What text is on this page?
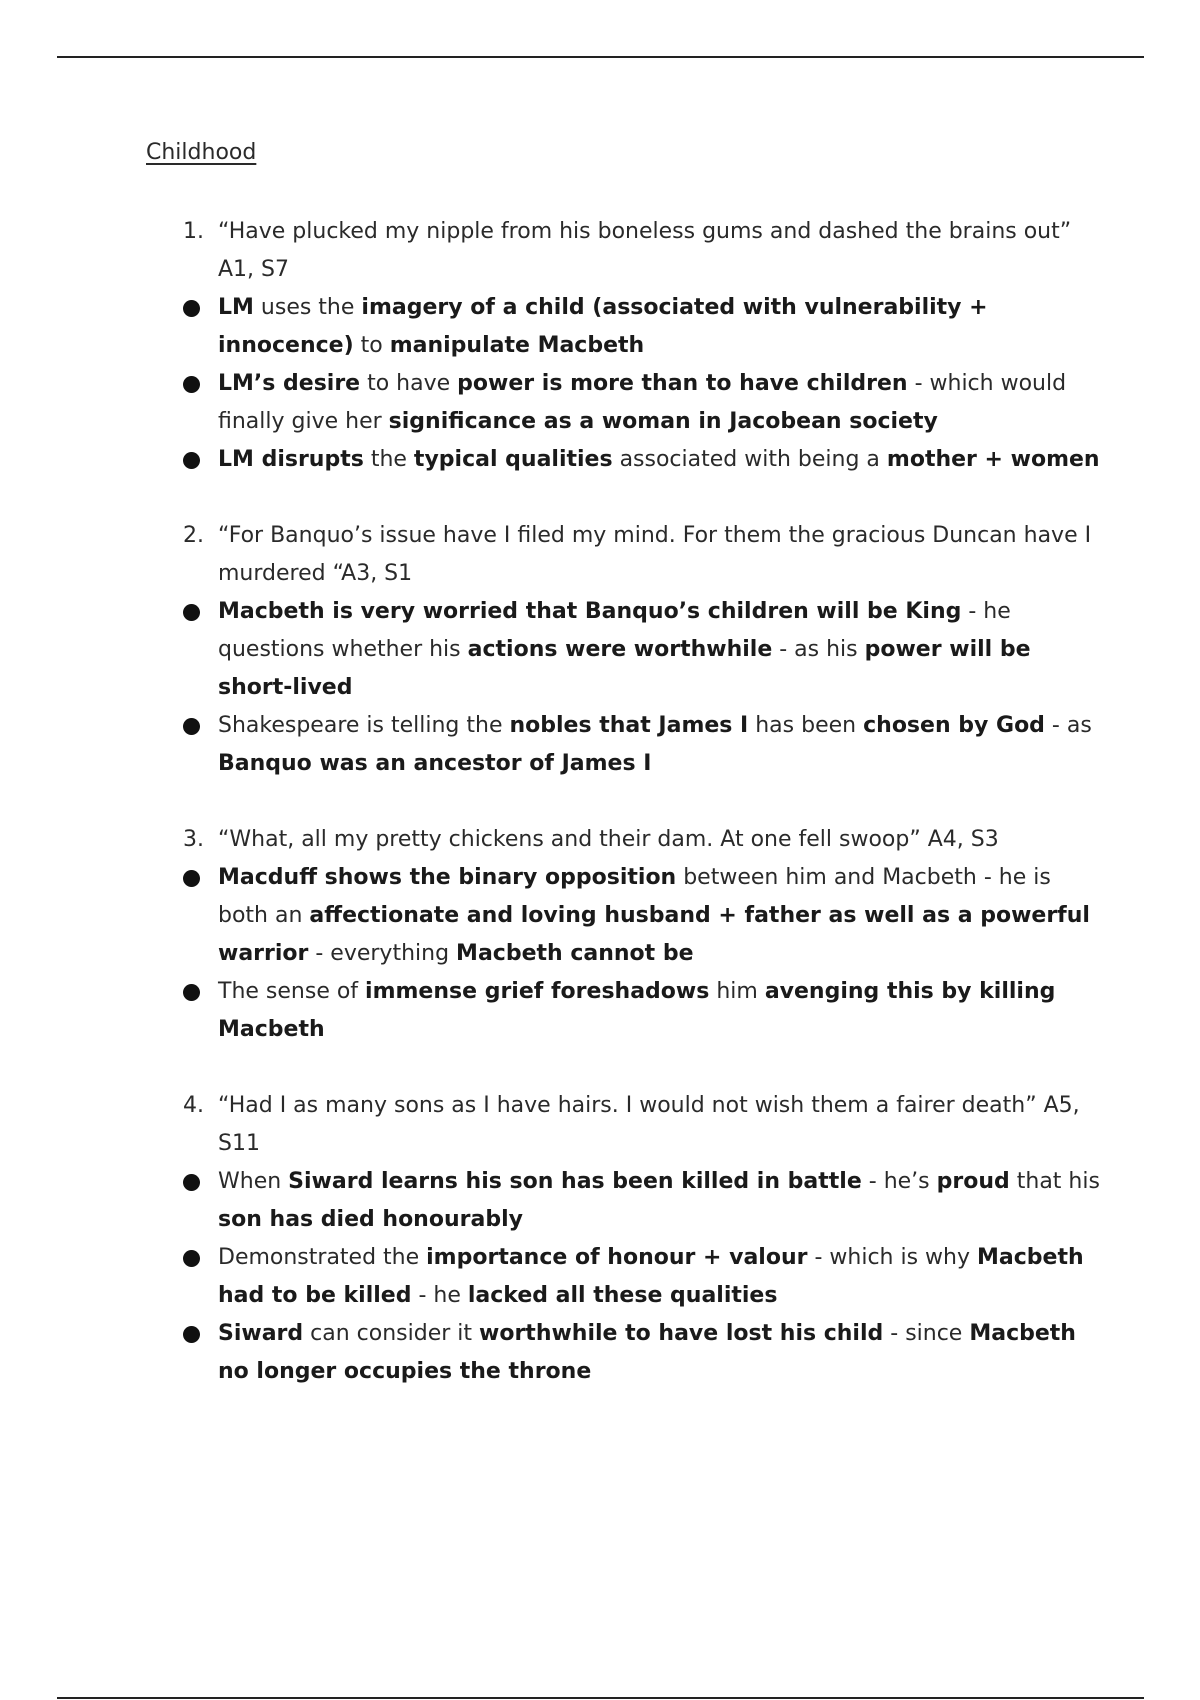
Childhood
1. “Have plucked my nipple from his boneless gums and dashed the brains out” A1, S7
LM uses the imagery of a child (associated with vulnerability + innocence) to manipulate Macbeth
LM’s desire to have power is more than to have children - which would finally give her significance as a woman in Jacobean society
LM disrupts the typical qualities associated with being a mother + women
2. “For Banquo’s issue have I filed my mind. For them the gracious Duncan have I murdered “A3, S1
Macbeth is very worried that Banquo’s children will be King - he questions whether his actions were worthwhile - as his power will be short-lived
Shakespeare is telling the nobles that James I has been chosen by God - as Banquo was an ancestor of James I
3. “What, all my pretty chickens and their dam. At one fell swoop” A4, S3
Macduff shows the binary opposition between him and Macbeth - he is both an affectionate and loving husband + father as well as a powerful warrior - everything Macbeth cannot be
The sense of immense grief foreshadows him avenging this by killing Macbeth
4. “Had I as many sons as I have hairs. I would not wish them a fairer death” A5, S11
When Siward learns his son has been killed in battle - he’s proud that his son has died honourably
Demonstrated the importance of honour + valour - which is why Macbeth had to be killed - he lacked all these qualities
Siward can consider it worthwhile to have lost his child - since Macbeth no longer occupies the throne
